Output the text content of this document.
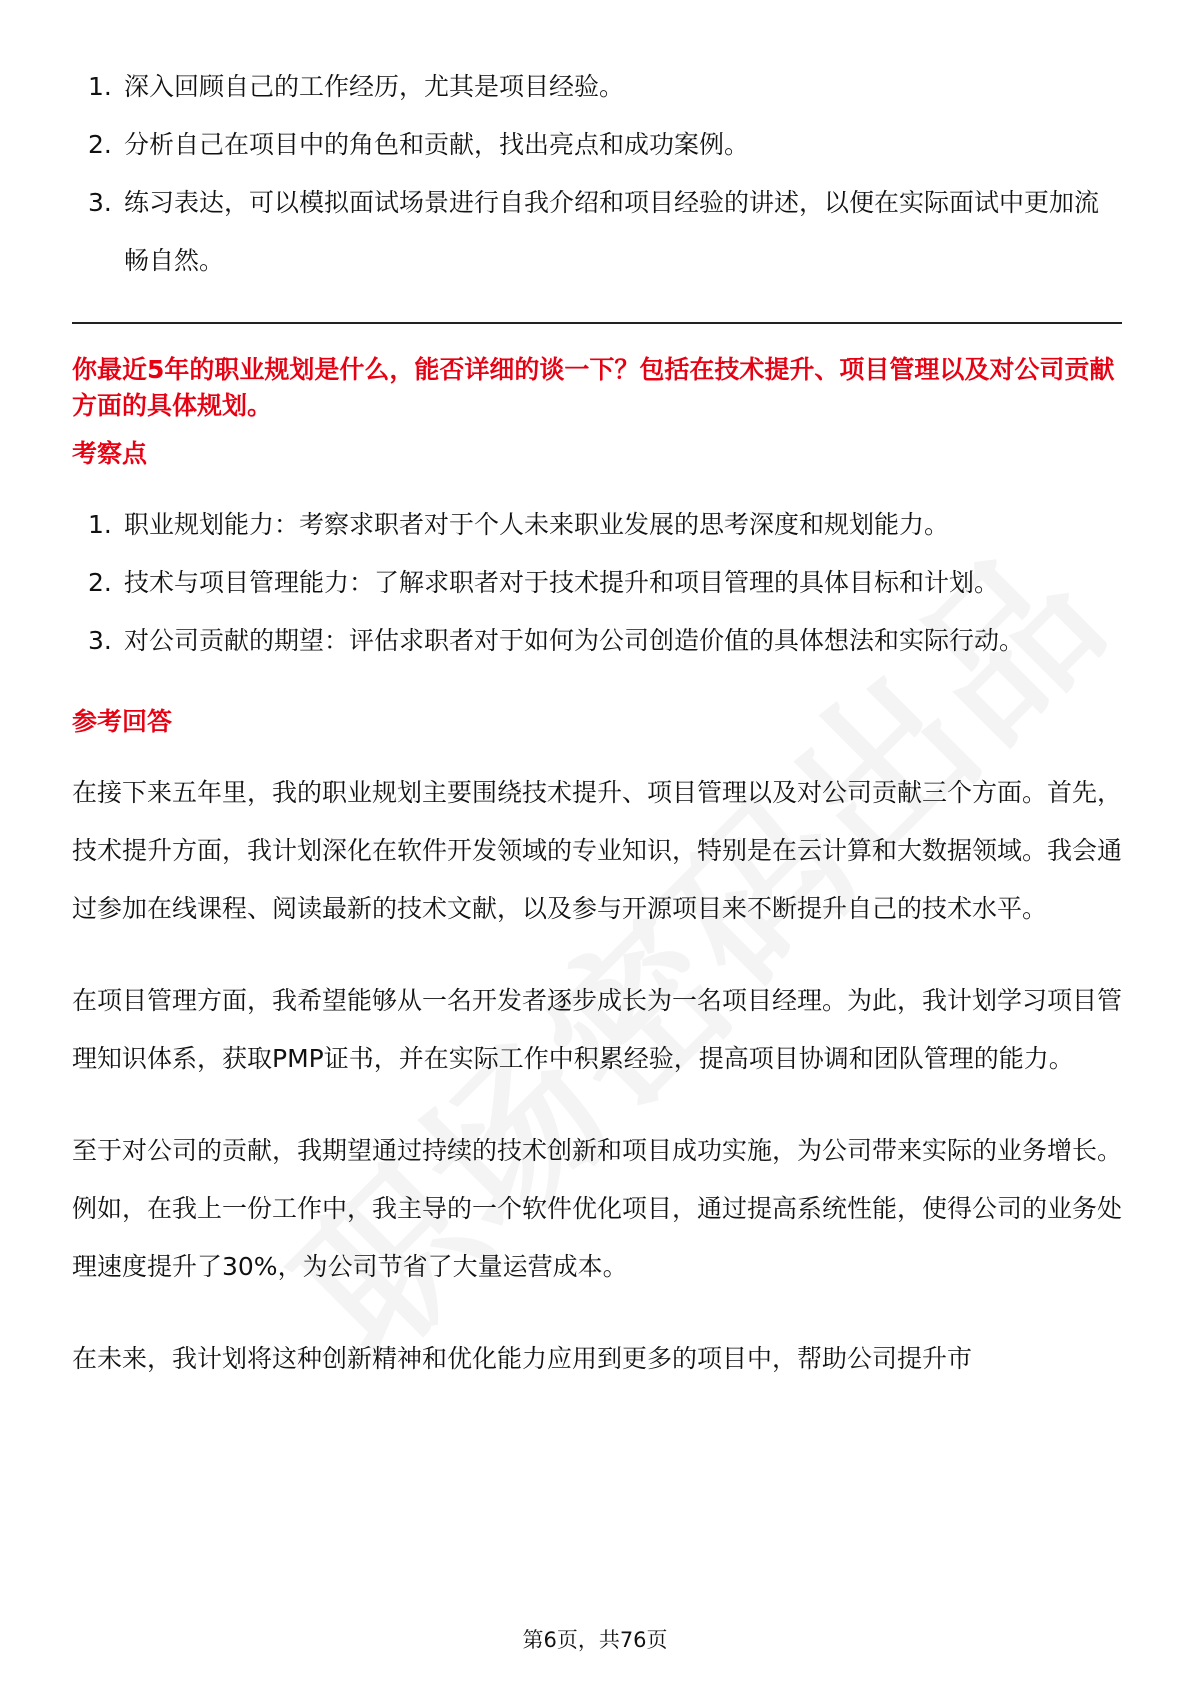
1. 深入回顾自己的工作经历，尤其是项目经验。
2. 分析自己在项目中的角色和贡献，找出亮点和成功案例。
3. 练习表达，可以模拟面试场景进行自我介绍和项目经验的讲述，以便在实际面试中更加流畅自然。
你最近5年的职业规划是什么，能否详细的谈一下？包括在技术提升、项目管理以及对公司贡献方面的具体规划。
考察点
1. 职业规划能力：考察求职者对于个人未来职业发展的思考深度和规划能力。
2. 技术与项目管理能力：了解求职者对于技术提升和项目管理的具体目标和计划。
3. 对公司贡献的期望：评估求职者对于如何为公司创造价值的具体想法和实际行动。
参考回答

在接下来五年里，我的职业规划主要围绕技术提升、项目管理以及对公司贡献三个方面。首先，技术提升方面，我计划深化在软件开发领域的专业知识，特别是在云计算和大数据领域。我会通过参加在线课程、阅读最新的技术文献，以及参与开源项目来不断提升自己的技术水平。

在项目管理方面，我希望能够从一名开发者逐步成长为一名项目经理。为此，我计划学习项目管理知识体系，获取PMP证书，并在实际工作中积累经验，提高项目协调和团队管理的能力。

至于对公司的贡献，我期望通过持续的技术创新和项目成功实施，为公司带来实际的业务增长。例如，在我上一份工作中，我主导的一个软件优化项目，通过提高系统性能，使得公司的业务处理速度提升了30%，为公司节省了大量运营成本。

在未来，我计划将这种创新精神和优化能力应用到更多的项目中，帮助公司提升市

第6页，共76页
